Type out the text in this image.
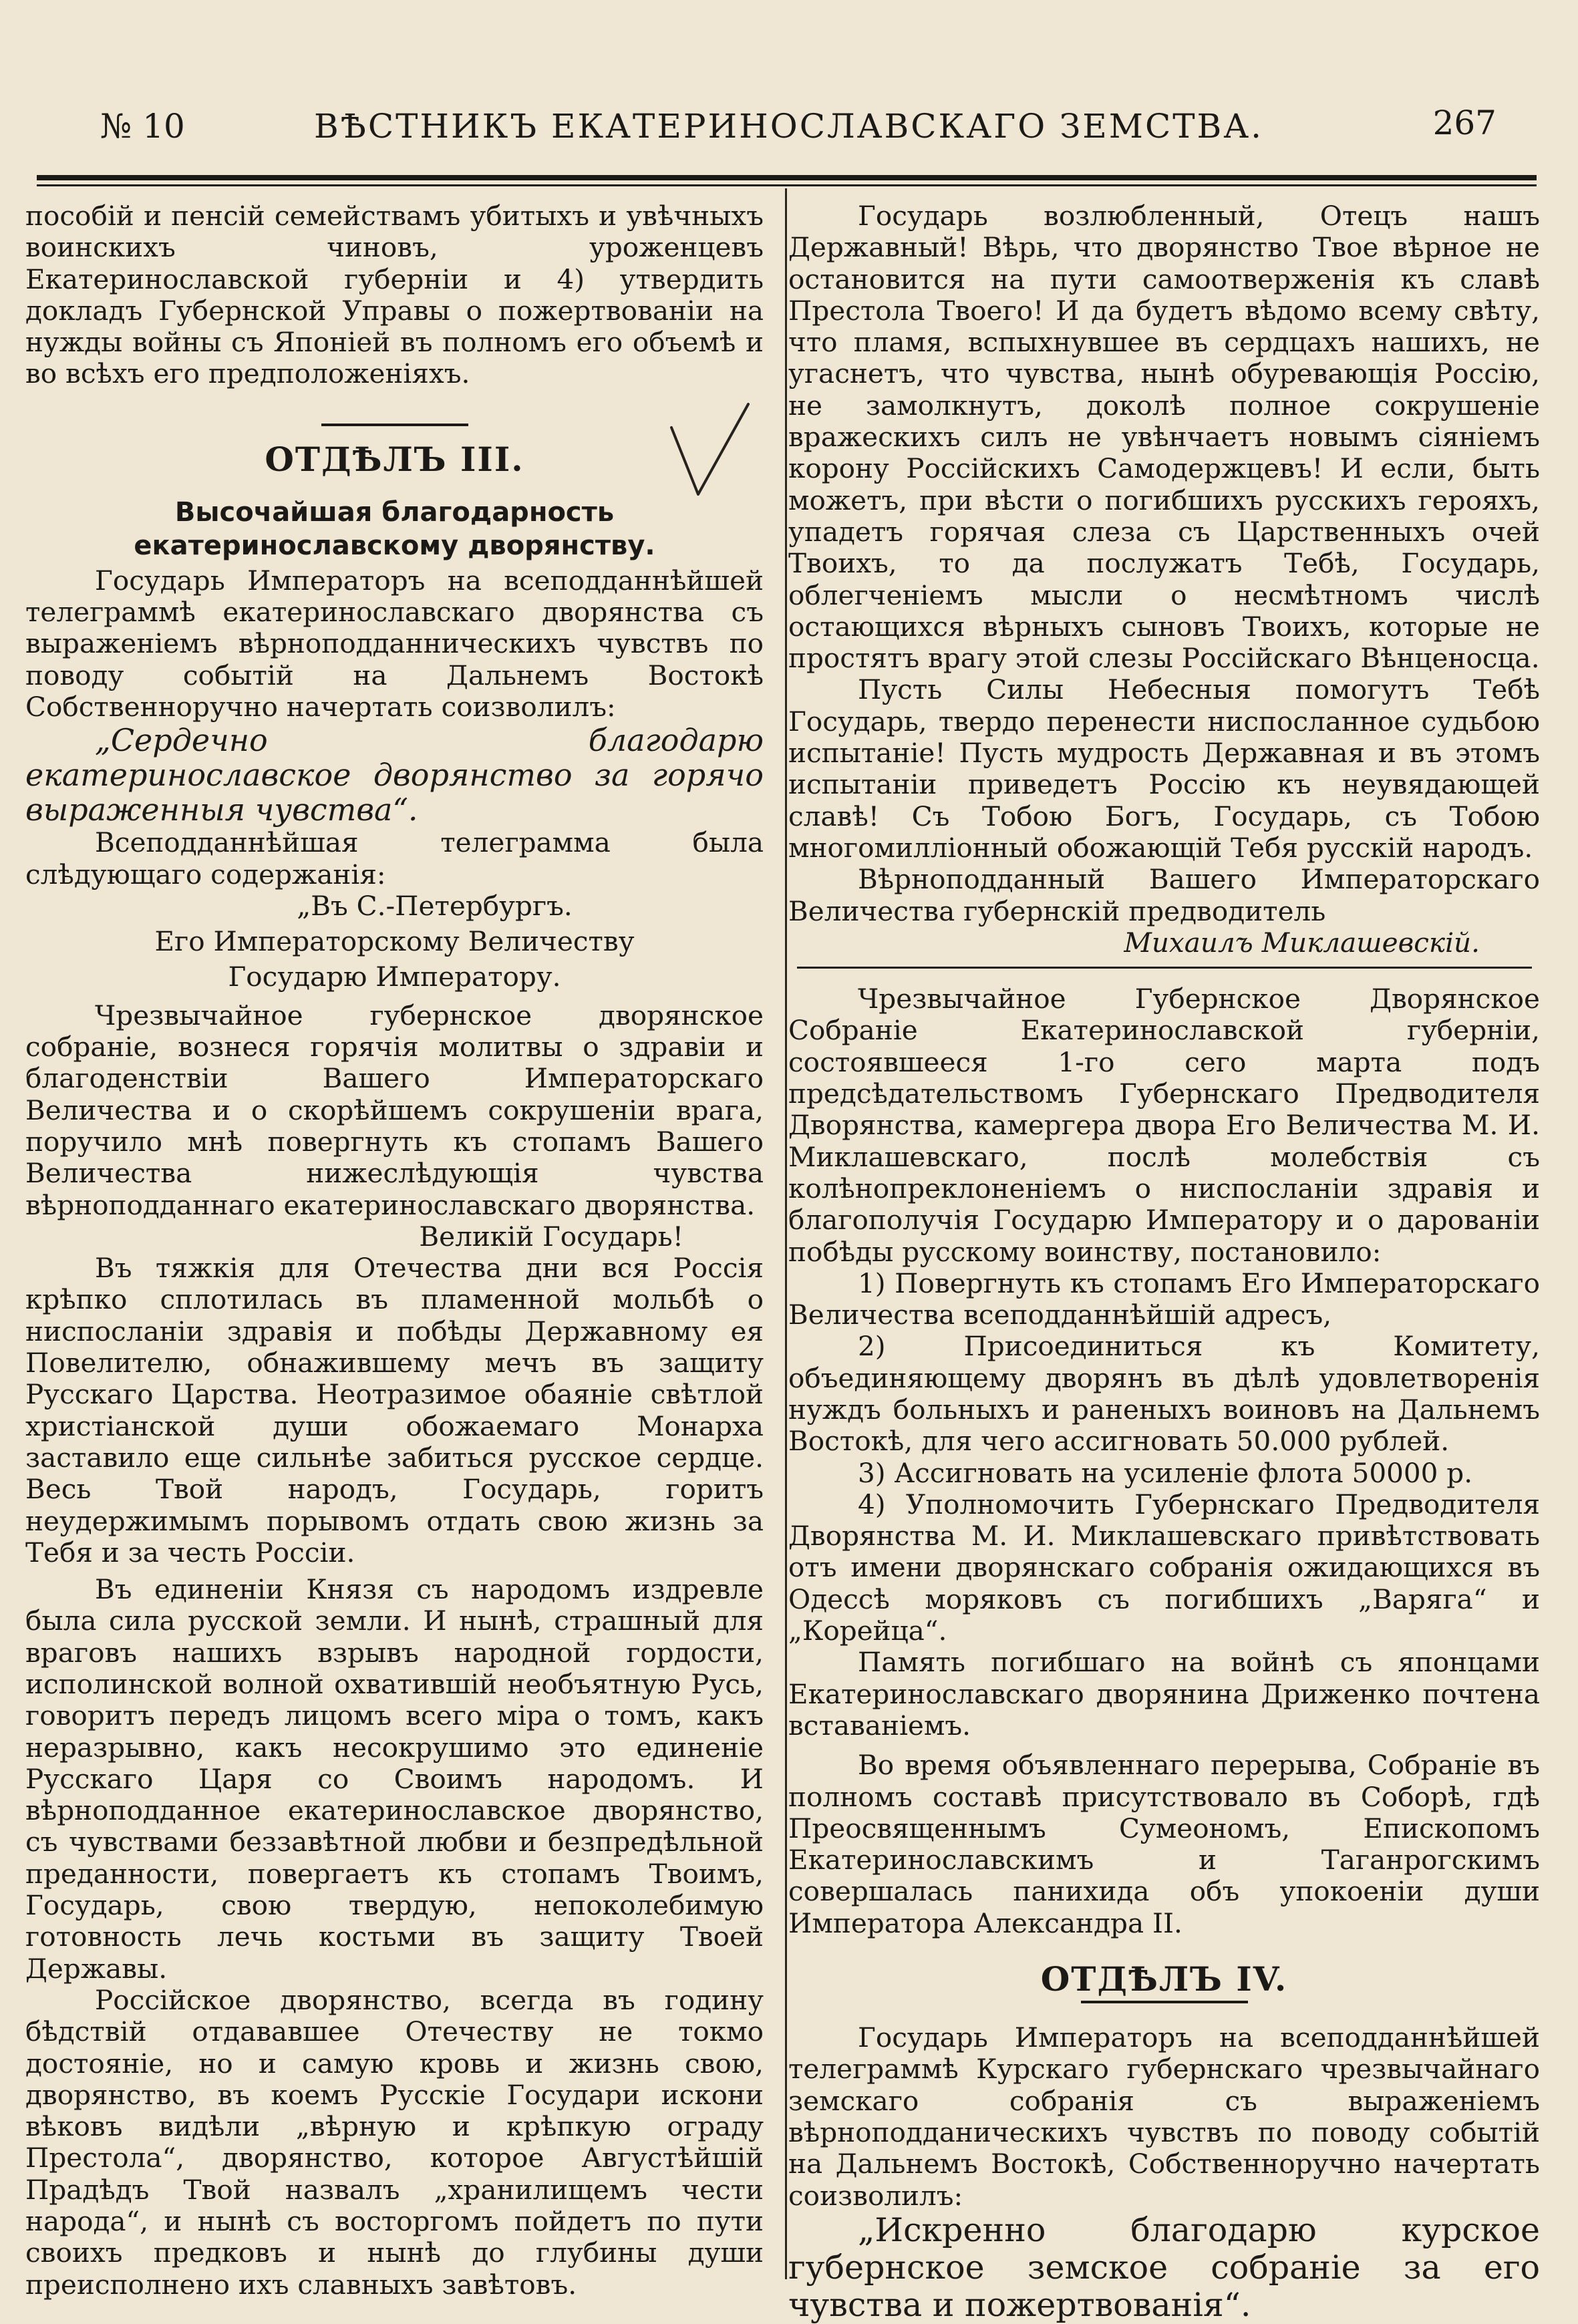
№ 10	ВѢСТНИКЪ ЕКАТЕРИНОСЛАВСКАГО ЗЕМСТВА.	267

пособій и пенсій семействамъ убитыхъ и увѣчныхъ воинскихъ чиновъ, уроженцевъ Екатеринославской губерніи и 4) утвердить докладъ Губернской Управы о пожертвованіи на нужды войны съ Японіей въ полномъ его объемѣ и во всѣхъ его предположеніяхъ.

ОТДѢЛЪ III.
Высочайшая благодарность екатеринославскому дворянству.

Государь Императоръ на всеподданнѣйшей телеграммѣ екатеринославскаго дворянства съ выраженіемъ вѣрноподданническихъ чувствъ по поводу событій на Дальнемъ Востокѣ Собственноручно начертать соизволилъ:

„Сердечно благодарю екатеринославское дворянство за горячо выраженныя чувства“.

Всеподданнѣйшая телеграмма была слѣдующаго содержанія:

„Въ С.-Петербургъ.

Его Императорскому Величеству

Государю Императору.

Чрезвычайное губернское дворянское собраніе, вознеся горячія молитвы о здравіи и благоденствіи Вашего Императорскаго Величества и о скорѣйшемъ сокрушеніи врага, поручило мнѣ повергнуть къ стопамъ Вашего Величества нижеслѣдующія чувства вѣрноподданнаго екатеринославскаго дворянства.

Великій Государь!

Въ тяжкія для Отечества дни вся Россія крѣпко сплотилась въ пламенной мольбѣ о ниспосланіи здравія и побѣды Державному ея Повелителю, обнажившему мечъ въ защиту Русскаго Царства. Неотразимое обаяніе свѣтлой христіанской души обожаемаго Монарха заставило еще сильнѣе забиться русское сердце. Весь Твой народъ, Государь, горитъ неудержимымъ порывомъ отдать свою жизнь за Тебя и за честь Россіи.

Въ единеніи Князя съ народомъ издревле была сила русской земли. И нынѣ, страшный для враговъ нашихъ взрывъ народной гордости, исполинской волной охватившій необъятную Русь, говоритъ передъ лицомъ всего міра о томъ, какъ неразрывно, какъ несокрушимо это единеніе Русскаго Царя со Своимъ народомъ. И вѣрноподданное екатеринославское дворянство, съ чувствами беззавѣтной любви и безпредѣльной преданности, повергаетъ къ стопамъ Твоимъ, Государь, свою твердую, непоколебимую готовность лечь костьми въ защиту Твоей Державы.

Россійское дворянство, всегда въ годину бѣдствій отдававшее Отечеству не токмо достояніе, но и самую кровь и жизнь свою, дворянство, въ коемъ Русскіе Государи искони вѣковъ видѣли „вѣрную и крѣпкую ограду Престола“, дворянство, которое Августѣйшій Прадѣдъ Твой назвалъ „хранилищемъ чести народа“, и нынѣ съ восторгомъ пойдетъ по пути своихъ предковъ и нынѣ до глубины души преисполнено ихъ славныхъ завѣтовъ.

Государь возлюбленный, Отецъ нашъ Державный! Вѣрь, что дворянство Твое вѣрное не остановится на пути самоотверженія къ славѣ Престола Твоего! И да будетъ вѣдомо всему свѣту, что пламя, вспыхнувшее въ сердцахъ нашихъ, не угаснетъ, что чувства, нынѣ обуревающія Россію, не замолкнутъ, доколѣ полное сокрушеніе вражескихъ силъ не увѣнчаетъ новымъ сіяніемъ корону Россійскихъ Самодержцевъ! И если, быть можетъ, при вѣсти о погибшихъ русскихъ герояхъ, упадетъ горячая слеза съ Царственныхъ очей Твоихъ, то да послужатъ Тебѣ, Государь, облегченіемъ мысли о несмѣтномъ числѣ остающихся вѣрныхъ сыновъ Твоихъ, которые не простятъ врагу этой слезы Россійскаго Вѣнценосца.

Пусть Силы Небесныя помогутъ Тебѣ Государь, твердо перенести ниспосланное судьбою испытаніе! Пусть мудрость Державная и въ этомъ испытаніи приведетъ Россію къ неувядающей славѣ! Съ Тобою Богъ, Государь, съ Тобою многомилліонный обожающій Тебя русскій народъ.

Вѣрноподданный Вашего Императорскаго Величества губернскій предводитель

Михаилъ Миклашевскій.

Чрезвычайное Губернское Дворянское Собраніе Екатеринославской губерніи, состоявшееся 1-го сего марта подъ предсѣдательствомъ Губернскаго Предводителя Дворянства, камергера двора Его Величества М. И. Миклашевскаго, послѣ молебствія съ колѣнопреклоненіемъ о ниспосланіи здравія и благополучія Государю Императору и о дарованіи побѣды русскому воинству, постановило:

1) Повергнуть къ стопамъ Его Императорскаго Величества всеподданнѣйшій адресъ,

2) Присоединиться къ Комитету, объединяющему дворянъ въ дѣлѣ удовлетворенія нуждъ больныхъ и раненыхъ воиновъ на Дальнемъ Востокѣ, для чего ассигновать 50.000 рублей.

3) Ассигновать на усиленіе флота 50000 р.

4) Уполномочить Губернскаго Предводителя Дворянства М. И. Миклашевскаго привѣтствовать отъ имени дворянскаго собранія ожидающихся въ Одессѣ моряковъ съ погибшихъ „Варяга“ и „Корейца“.

Память погибшаго на войнѣ съ японцами Екатеринославскаго дворянина Дриженко почтена вставаніемъ.

Во время объявленнаго перерыва, Собраніе въ полномъ составѣ присутствовало въ Соборѣ, гдѣ Преосвященнымъ Сумеономъ, Епископомъ Екатеринославскимъ и Таганрогскимъ совершалась панихида объ упокоеніи души Императора Александра II.

ОТДѢЛЪ IV.

Государь Императоръ на всеподданнѣйшей телеграммѣ Курскаго губернскаго чрезвычайнаго земскаго собранія съ выраженіемъ вѣрноподданическихъ чувствъ по поводу событій на Дальнемъ Востокѣ, Собственноручно начертать соизволилъ:

„Искренно благодарю курское губернское земское собраніе за его чувства и пожертвованія“.
